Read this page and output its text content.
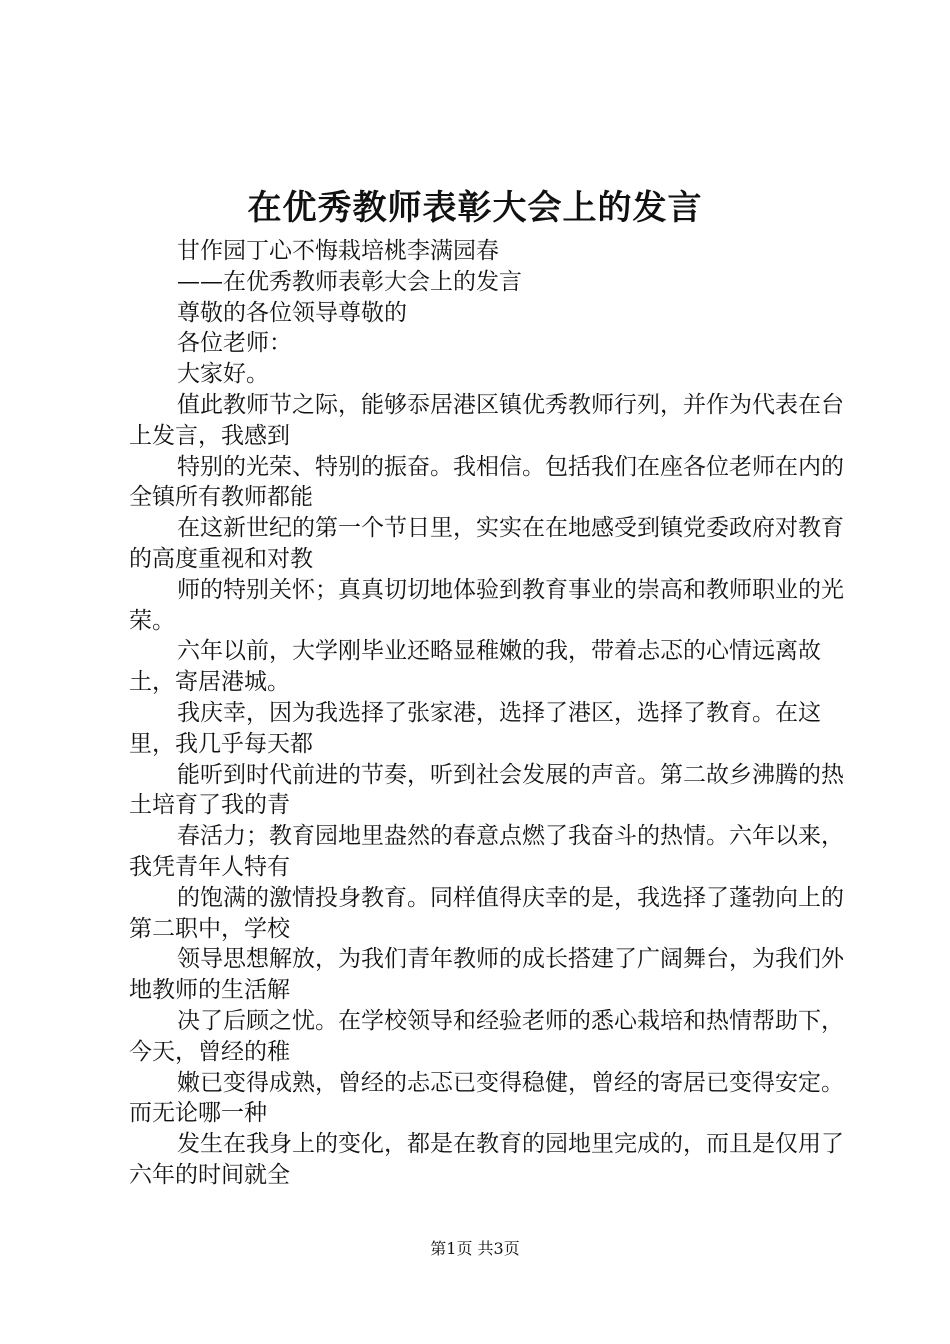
在优秀教师表彰大会上的发言

甘作园丁心不悔栽培桃李满园春

——在优秀教师表彰大会上的发言

尊敬的各位领导尊敬的

各位老师：

大家好。

值此教师节之际，能够忝居港区镇优秀教师行列，并作为代表在台上发言，我感到

特别的光荣、特别的振奋。我相信。包括我们在座各位老师在内的全镇所有教师都能

在这新世纪的第一个节日里，实实在在地感受到镇党委政府对教育的高度重视和对教

师的特别关怀；真真切切地体验到教育事业的崇高和教师职业的光荣。

六年以前，大学刚毕业还略显稚嫩的我，带着忐忑的心情远离故土，寄居港城。

我庆幸，因为我选择了张家港，选择了港区，选择了教育。在这里，我几乎每天都

能听到时代前进的节奏，听到社会发展的声音。第二故乡沸腾的热土培育了我的青

春活力；教育园地里盎然的春意点燃了我奋斗的热情。六年以来，我凭青年人特有

的饱满的激情投身教育。同样值得庆幸的是，我选择了蓬勃向上的第二职中，学校

领导思想解放，为我们青年教师的成长搭建了广阔舞台，为我们外地教师的生活解

决了后顾之忧。在学校领导和经验老师的悉心栽培和热情帮助下，今天，曾经的稚

嫩已变得成熟，曾经的忐忑已变得稳健，曾经的寄居已变得安定。而无论哪一种

发生在我身上的变化，都是在教育的园地里完成的，而且是仅用了六年的时间就全

第1页 共3页
